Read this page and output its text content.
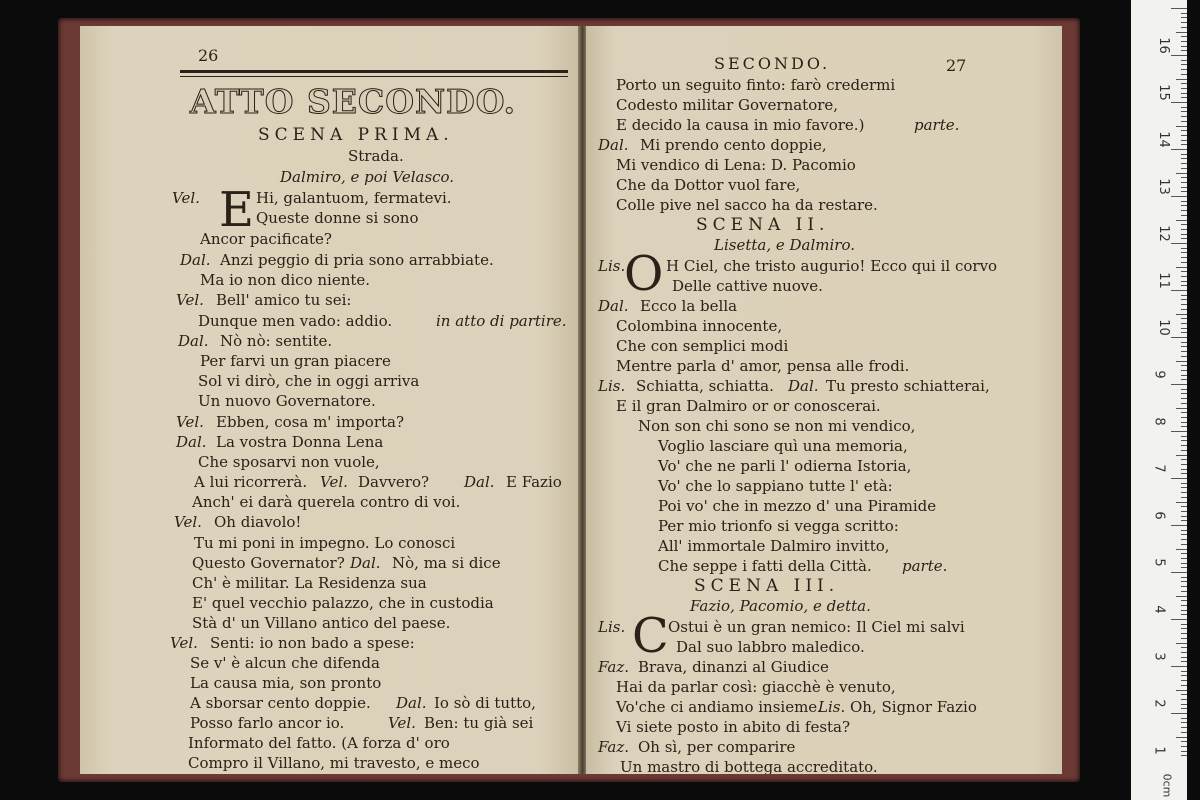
26
ATTO SECONDO.
SCENA PRIMA.
Strada.
Dalmiro, e poi Velasco.
E
Vel.	Hi, galantuom, fermatevi.
Queste donne si sono
Ancor pacificate?
Dal. Anzi peggio di pria sono arrabbiate.
Ma io non dico niente.
Vel. Bell' amico tu sei:
Dunque men vado: addio.	in atto di partire.
Dal. Nò nò: sentite.
Per farvi un gran piacere
Sol vi dirò, che in oggi arriva
Un nuovo Governatore.
Vel. Ebben, cosa m' importa?
Dal. La vostra Donna Lena
Che sposarvi non vuole,
A lui ricorrerà. Vel. Davvero? Dal. E Fazio
Anch' ei darà querela contro di voi.
Vel. Oh diavolo!
Tu mi poni in impegno. Lo conosci
Questo Governator? Dal. Nò, ma si dice
Ch' è militar. La Residenza sua
E' quel vecchio palazzo, che in custodia
Stà d' un Villano antico del paese.
Vel. Senti: io non bado a spese:
Se v' è alcun che difenda
La causa mia, son pronto
A sborsar cento doppie. Dal. Io sò di tutto,
Posso farlo ancor io.	Vel. Ben: tu già sei
Informato del fatto. (A forza d' oro
Compro il Villano, mi travesto, e meco
SECONDO.	27
Porto un seguito finto: farò credermi
Codesto militar Governatore,
E decido la causa in mio favore.)	parte.
Dal. Mi prendo cento doppie,
Mi vendico di Lena: D. Pacomio
Che da Dottor vuol fare,
Colle pive nel sacco ha da restare.
SCENA II.
Lisetta, e Dalmiro.
Lis.
O H Ciel, che tristo augurio! Ecco qui il corvo
Delle cattive nuove.
Dal. Ecco la bella
Colombina innocente,
Che con semplici modi
Mentre parla d' amor, pensa alle frodi.
Lis. Schiatta, schiatta. Dal. Tu presto schiatterai,
E il gran Dalmiro or or conoscerai.
Non son chi sono se non mi vendico,
Voglio lasciare quì una memoria,
Vo' che ne parli l' odierna Istoria,
Vo' che lo sappiano tutte l' età:
Poi vo' che in mezzo d' una Piramide
Per mio trionfo si vegga scritto:
All' immortale Dalmiro invitto,
Che seppe i fatti della Città. parte.
SCENA III.
Fazio, Pacomio, e detta.
Lis. C Ostui è un gran nemico: Il Ciel mi salvi
Dal suo labbro maledico.
Faz. Brava, dinanzi al Giudice
Hai da parlar così: giacchè è venuto,
Vo'che ci andiamo insieme.
Lis. Oh, Signor Fazio
Vi siete posto in abito di festa?
Faz. Oh sì, per comparire
Un mastro di bottega accreditato.
16
15
14
13
12
11
10
9
8
7
6
5
4
3
2
1
0cm
